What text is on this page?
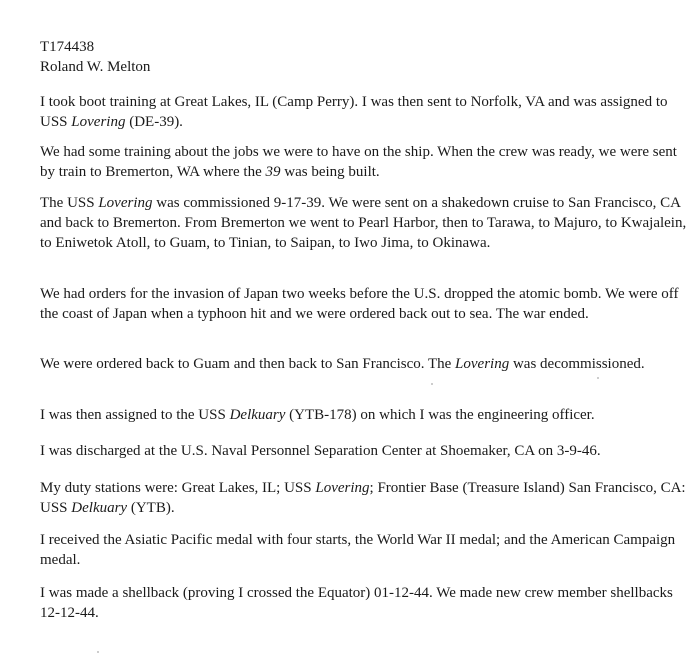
T174438
Roland W. Melton

I took boot training at Great Lakes, IL (Camp Perry). I was then sent to Norfolk, VA and was assigned to USS Lovering (DE-39).

We had some training about the jobs we were to have on the ship. When the crew was ready, we were sent by train to Bremerton, WA where the 39 was being built.

The USS Lovering was commissioned 9-17-39. We were sent on a shakedown cruise to San Francisco, CA and back to Bremerton. From Bremerton we went to Pearl Harbor, then to Tarawa, to Majuro, to Kwajalein, to Eniwetok Atoll, to Guam, to Tinian, to Saipan, to Iwo Jima, to Okinawa.

We had orders for the invasion of Japan two weeks before the U.S. dropped the atomic bomb. We were off the coast of Japan when a typhoon hit and we were ordered back out to sea. The war ended.

We were ordered back to Guam and then back to San Francisco. The Lovering was decommissioned.

I was then assigned to the USS Delkuary (YTB-178) on which I was the engineering officer.

I was discharged at the U.S. Naval Personnel Separation Center at Shoemaker, CA on 3-9-46.

My duty stations were: Great Lakes, IL; USS Lovering; Frontier Base (Treasure Island) San Francisco, CA: USS Delkuary (YTB).

I received the Asiatic Pacific medal with four starts, the World War II medal; and the American Campaign medal.

I was made a shellback (proving I crossed the Equator) 01-12-44. We made new crew member shellbacks 12-12-44.
